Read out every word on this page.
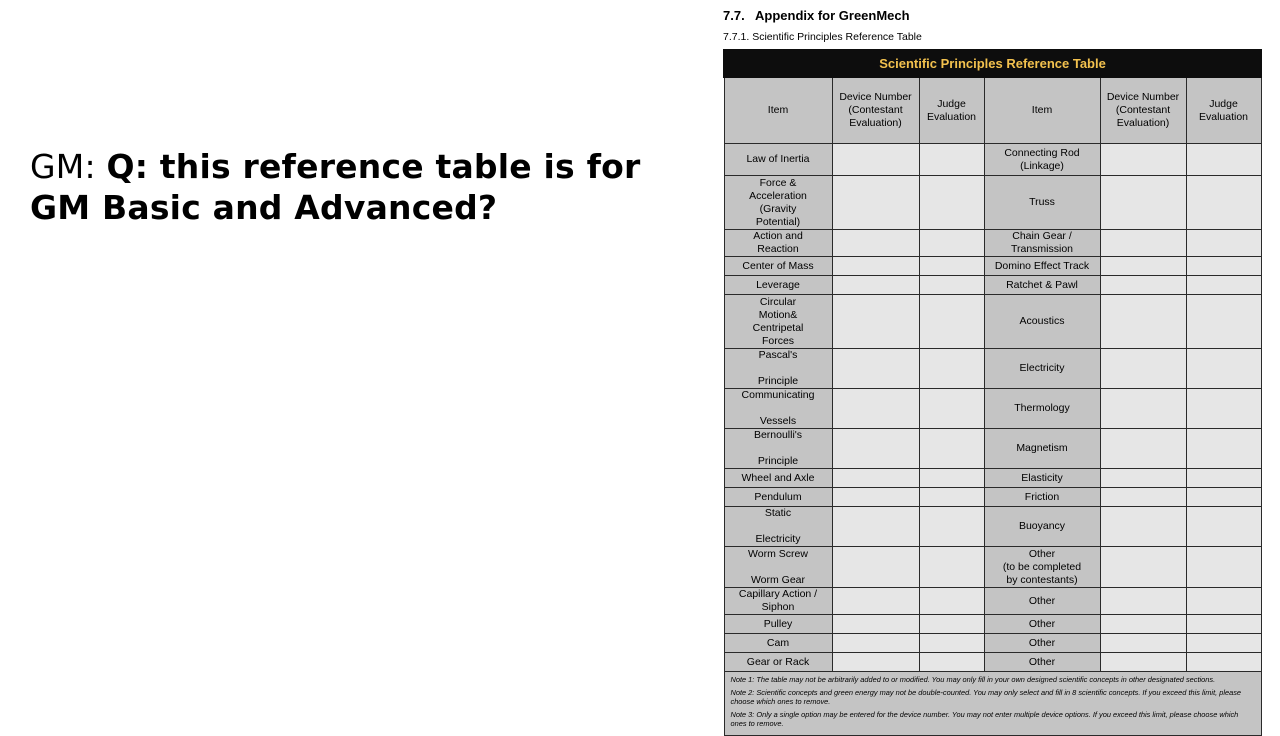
GM: Q: this reference table is for GM Basic and Advanced?
7.7. Appendix for GreenMech
7.7.1. Scientific Principles Reference Table
Scientific Principles Reference Table					
Item	Device Number
(Contestant
Evaluation)	Judge
Evaluation	Item	Device Number
(Contestant
Evaluation)	Judge
Evaluation
Law of Inertia			Connecting Rod
(Linkage)		
Force &
Acceleration
(Gravity
Potential)			Truss		
Action and
Reaction			Chain Gear /
Transmission		
Center of Mass			Domino Effect Track		
Leverage			Ratchet & Pawl		
Circular
Motion&
Centripetal
Forces			Acoustics		
Pascal's

Principle			Electricity		
Communicating

Vessels			Thermology		
Bernoulli's

Principle			Magnetism		
Wheel and Axle			Elasticity		
Pendulum			Friction		
Static

Electricity			Buoyancy		
Worm Screw

Worm Gear			Other
(to be completed
by contestants)		
Capillary Action /
Siphon			Other		
Pulley			Other		
Cam			Other		
Gear or Rack			Other		

Note 1: The table may not be arbitrarily added to or modified. You may only fill in your own designed scientific concepts in other designated sections.
Note 2: Scientific concepts and green energy may not be double-counted. You may only select and fill in 8 scientific concepts. If you exceed this limit, please choose which ones to remove.
Note 3: Only a single option may be entered for the device number. You may not enter multiple device options. If you exceed this limit, please choose which ones to remove.					
